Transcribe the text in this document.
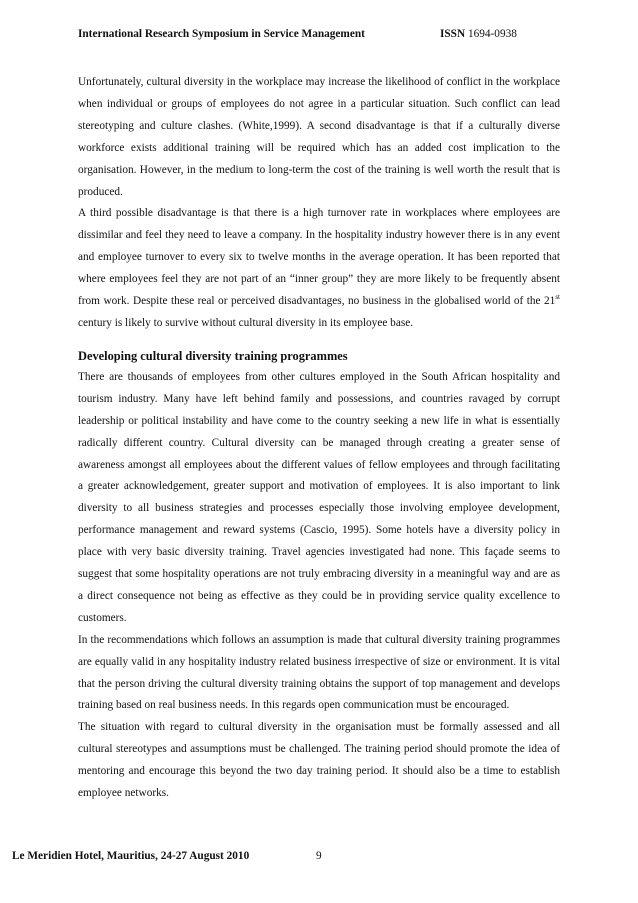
International Research Symposium in Service Management	ISSN 1694-0938

Unfortunately, cultural diversity in the workplace may increase the likelihood of conflict in the workplace when individual or groups of employees do not agree in a particular situation. Such conflict can lead stereotyping and culture clashes. (White,1999). A second disadvantage is that if a culturally diverse workforce exists additional training will be required which has an added cost implication to the organisation. However, in the medium to long-term the cost of the training is well worth the result that is produced.

A third possible disadvantage is that there is a high turnover rate in workplaces where employees are dissimilar and feel they need to leave a company. In the hospitality industry however there is in any event and employee turnover to every six to twelve months in the average operation. It has been reported that where employees feel they are not part of an “inner group” they are more likely to be frequently absent from work. Despite these real or perceived disadvantages, no business in the globalised world of the 21st century is likely to survive without cultural diversity in its employee base.

Developing cultural diversity training programmes

There are thousands of employees from other cultures employed in the South African hospitality and tourism industry. Many have left behind family and possessions, and countries ravaged by corrupt leadership or political instability and have come to the country seeking a new life in what is essentially radically different country. Cultural diversity can be managed through creating a greater sense of awareness amongst all employees about the different values of fellow employees and through facilitating a greater acknowledgement, greater support and motivation of employees. It is also important to link diversity to all business strategies and processes especially those involving employee development, performance management and reward systems (Cascio, 1995). Some hotels have a diversity policy in place with very basic diversity training. Travel agencies investigated had none. This façade seems to suggest that some hospitality operations are not truly embracing diversity in a meaningful way and are as a direct consequence not being as effective as they could be in providing service quality excellence to customers.

In the recommendations which follows an assumption is made that cultural diversity training programmes are equally valid in any hospitality industry related business irrespective of size or environment. It is vital that the person driving the cultural diversity training obtains the support of top management and develops training based on real business needs. In this regards open communication must be encouraged.

The situation with regard to cultural diversity in the organisation must be formally assessed and all cultural stereotypes and assumptions must be challenged. The training period should promote the idea of mentoring and encourage this beyond the two day training period. It should also be a time to establish employee networks.

Le Meridien Hotel, Mauritius, 24-27 August 2010	9
